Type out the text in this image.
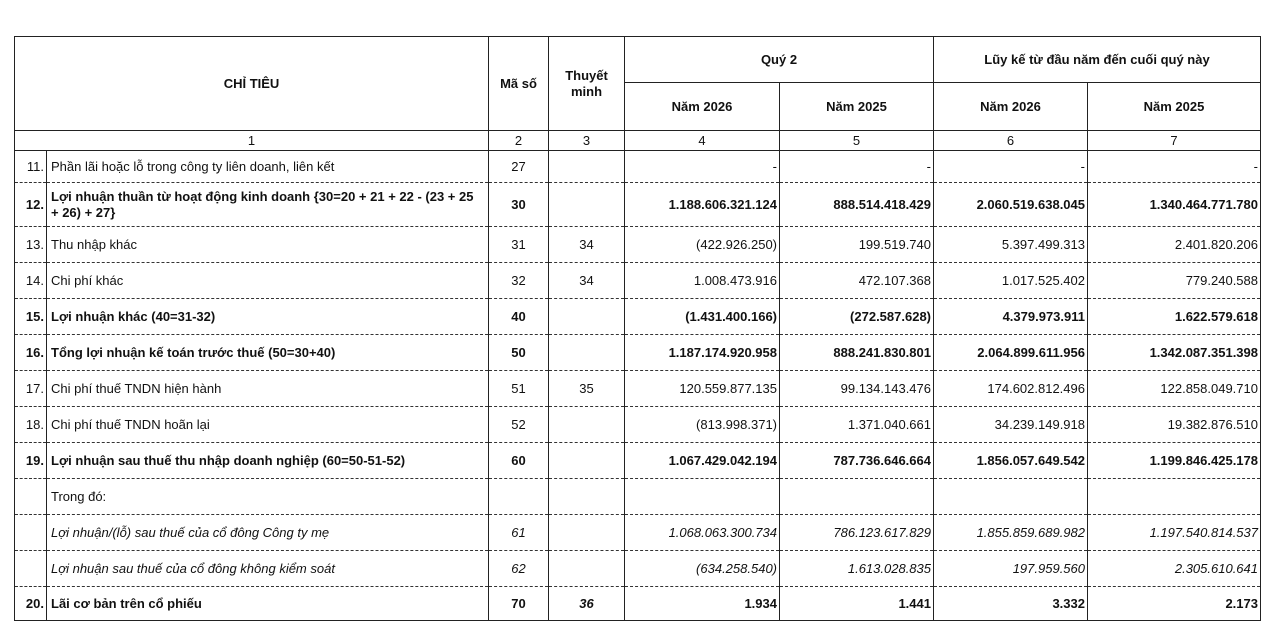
CHỈ TIÊU		Mã số	Thuyết minh	Quý 2		Lũy kế từ đầu năm đến cuối quý này	
				Năm 2026	Năm 2025	Năm 2026	Năm 2025
1		2	3	4	5	6	7
11.	Phần lãi hoặc lỗ trong công ty liên doanh, liên kết	27		-	-	-	-
12.	Lợi nhuận thuần từ hoạt động kinh doanh {30=20 + 21 + 22 - (23 + 25 + 26) + 27}	30		1.188.606.321.124	888.514.418.429	2.060.519.638.045	1.340.464.771.780
13.	Thu nhập khác	31	34	(422.926.250)	199.519.740	5.397.499.313	2.401.820.206
14.	Chi phí khác	32	34	1.008.473.916	472.107.368	1.017.525.402	779.240.588
15.	Lợi nhuận khác (40=31-32)	40		(1.431.400.166)	(272.587.628)	4.379.973.911	1.622.579.618
16.	Tổng lợi nhuận kế toán trước thuế (50=30+40)	50		1.187.174.920.958	888.241.830.801	2.064.899.611.956	1.342.087.351.398
17.	Chi phí thuế TNDN hiện hành	51	35	120.559.877.135	99.134.143.476	174.602.812.496	122.858.049.710
18.	Chi phí thuế TNDN hoãn lại	52		(813.998.371)	1.371.040.661	34.239.149.918	19.382.876.510
19.	Lợi nhuận sau thuế thu nhập doanh nghiệp (60=50-51-52)	60		1.067.429.042.194	787.736.646.664	1.856.057.649.542	1.199.846.425.178
	Trong đó:						
	Lợi nhuận/(lỗ) sau thuế của cổ đông Công ty mẹ	61		1.068.063.300.734	786.123.617.829	1.855.859.689.982	1.197.540.814.537
	Lợi nhuận sau thuế của cổ đông không kiểm soát	62		(634.258.540)	1.613.028.835	197.959.560	2.305.610.641
20.	Lãi cơ bản trên cổ phiếu	70	36	1.934	1.441	3.332	2.173
